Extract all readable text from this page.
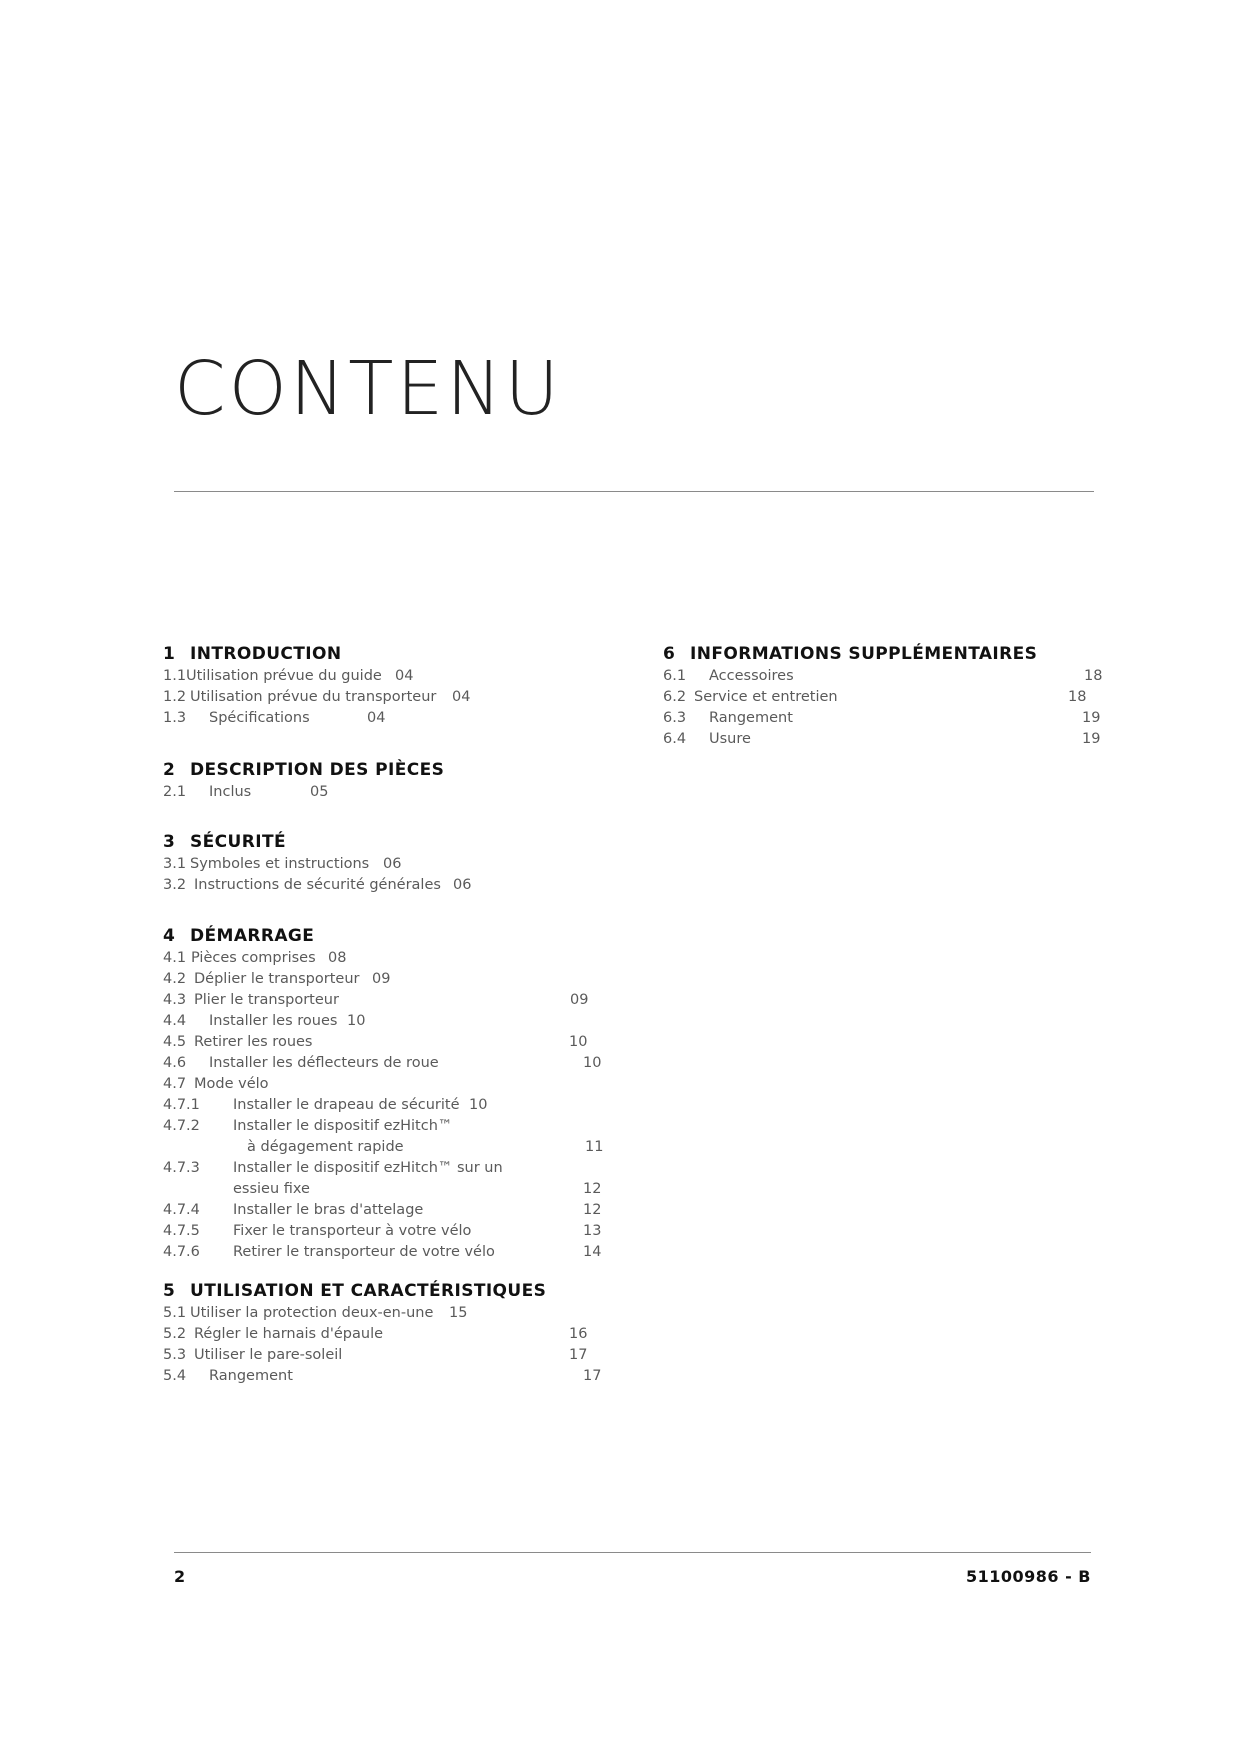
CONTENU
1 INTRODUCTION
1.1 Utilisation prévue du guide 04
1.2 Utilisation prévue du transporteur 04
1.3 Spécifications	04
2 DESCRIPTION DES PIÈCES
2.1 Inclus	05
3 SÉCURITÉ
3.1 Symboles et instructions 06
3.2 Instructions de sécurité générales 06
4 DÉMARRAGE
4.1 Pièces comprises 08
4.2 Déplier le transporteur 09
4.3 Plier le transporteur	09
4.4 Installer les roues 10
4.5 Retirer les roues	10
4.6 Installer les déflecteurs de roue	10
4.7 Mode vélo
4.7.1 Installer le drapeau de sécurité 10
4.7.2 Installer le dispositif ezHitch™
à dégagement rapide	11
4.7.3 Installer le dispositif ezHitch™ sur un
essieu fixe	12
4.7.4 Installer le bras d'attelage	12
4.7.5 Fixer le transporteur à votre vélo	13
4.7.6 Retirer le transporteur de votre vélo	14
5 UTILISATION ET CARACTÉRISTIQUES
5.1 Utiliser la protection deux-en-une 15
5.2 Régler le harnais d'épaule	16
5.3 Utiliser le pare-soleil	17
5.4 Rangement	17
6 INFORMATIONS SUPPLÉMENTAIRES
6.1 Accessoires	18
6.2 Service et entretien	18
6.3 Rangement	19
6.4 Usure	19
2	51100986 - B
